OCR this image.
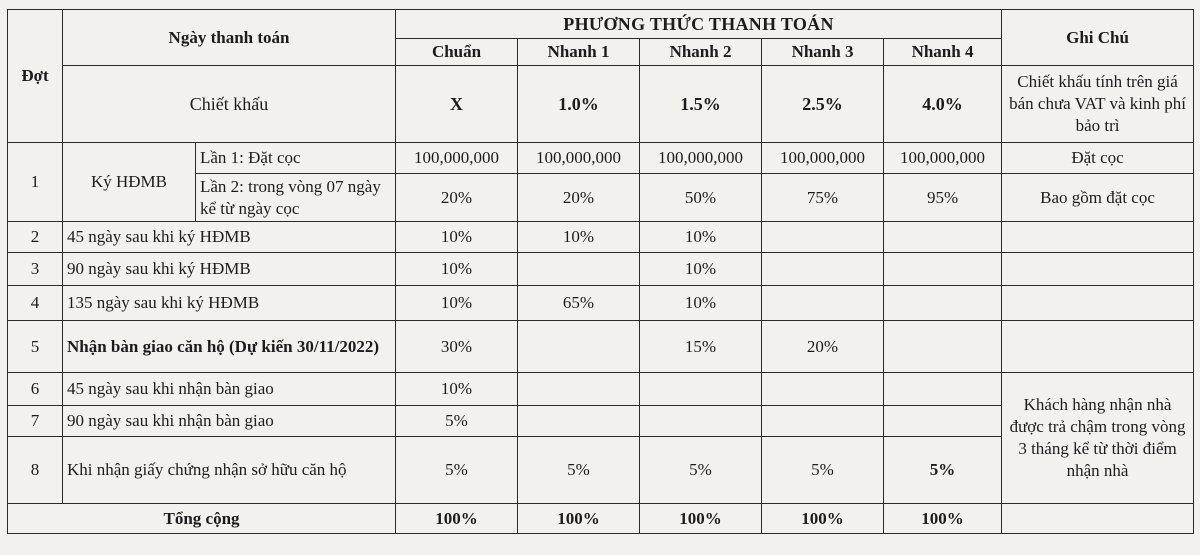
Đợt	Ngày thanh toán		PHƯƠNG THỨC THANH TOÁN					Ghi Chú
			Chuẩn	Nhanh 1	Nhanh 2	Nhanh 3	Nhanh 4	
	Chiết khấu		X	1.0%	1.5%	2.5%	4.0%	Chiết khấu tính trên giá bán chưa VAT và kinh phí bảo trì
1	Ký HĐMB	Lần 1: Đặt cọc	100,000,000	100,000,000	100,000,000	100,000,000	100,000,000	Đặt cọc
		Lần 2: trong vòng 07 ngày kể từ ngày cọc	20%	20%	50%	75%	95%	Bao gồm đặt cọc
2	45 ngày sau khi ký HĐMB		10%	10%	10%			
3	90 ngày sau khi ký HĐMB		10%		10%			
4	135 ngày sau khi ký HĐMB		10%	65%	10%			
5	Nhận bàn giao căn hộ (Dự kiến 30/11/2022)		30%		15%	20%		
6	45 ngày sau khi nhận bàn giao		10%					Khách hàng nhận nhà được trả chậm trong vòng 3 tháng kể từ thời điểm nhận nhà
7	90 ngày sau khi nhận bàn giao		5%					
8	Khi nhận giấy chứng nhận sở hữu căn hộ		5%	5%	5%	5%	5%	
Tổng cộng			100%	100%	100%	100%	100%	
